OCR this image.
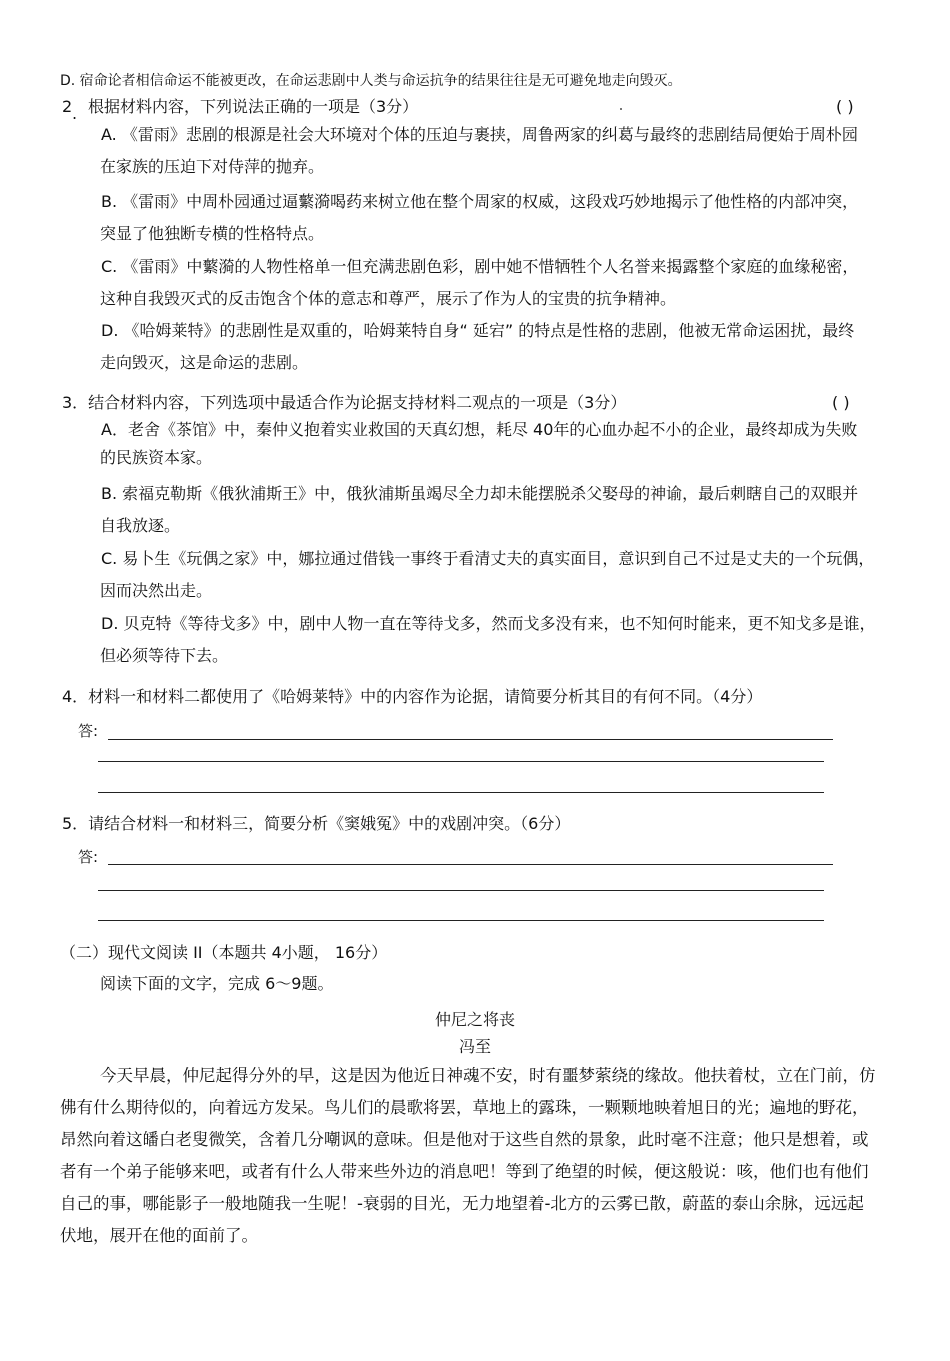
D. 宿命论者相信命运不能被更改，在命运悲剧中人类与命运抗争的结果往往是无可避免地走向毁灭。
2 . 根据材料内容，下列说法正确的一项是（3分）	( )
A. 《雷雨》悲剧的根源是社会大环境对个体的压迫与裹挟，周鲁两家的纠葛与最终的悲剧结局便始于周朴园
在家族的压迫下对侍萍的抛弃。
B. 《雷雨》中周朴园通过逼蘩漪喝药来树立他在整个周家的权威，这段戏巧妙地揭示了他性格的内部冲突，
突显了他独断专横的性格特点。
C. 《雷雨》中蘩漪的人物性格单一但充满悲剧色彩，剧中她不惜牺牲个人名誉来揭露整个家庭的血缘秘密，
这种自我毁灭式的反击饱含个体的意志和尊严，展示了作为人的宝贵的抗争精神。
D. 《哈姆莱特》的悲剧性是双重的，哈姆莱特自身“ 延宕” 的特点是性格的悲剧，他被无常命运困扰，最终
走向毁灭，这是命运的悲剧。
3．结合材料内容，下列选项中最适合作为论据支持材料二观点的一项是（3分）	( )
A．老舍《茶馆》中，秦仲义抱着实业救国的天真幻想，耗尽 40年的心血办起不小的企业，最终却成为失败
的民族资本家。
B. 索福克勒斯《俄狄浦斯王》中，俄狄浦斯虽竭尽全力却未能摆脱杀父娶母的神谕，最后刺瞎自己的双眼并
自我放逐。
C. 易卜生《玩偶之家》中，娜拉通过借钱一事终于看清丈夫的真实面目，意识到自己不过是丈夫的一个玩偶，
因而决然出走。
D. 贝克特《等待戈多》中，剧中人物一直在等待戈多，然而戈多没有来，也不知何时能来，更不知戈多是谁，
但必须等待下去。
4．材料一和材料二都使用了《哈姆莱特》中的内容作为论据，请简要分析其目的有何不同。（4分）
答:
5．请结合材料一和材料三，简要分析《窦娥冤》中的戏剧冲突。（6分）
答:
（二）现代文阅读 II（本题共 4小题， 16分）
阅读下面的文字，完成 6～9题。
仲尼之将丧
冯至
今天早晨，仲尼起得分外的早，这是因为他近日神魂不安，时有噩梦萦绕的缘故。他扶着杖，立在门前，仿
佛有什么期待似的，向着远方发呆。鸟儿们的晨歌将罢，草地上的露珠，一颗颗地映着旭日的光；遍地的野花，
昂然向着这皤白老叟微笑，含着几分嘲讽的意味。但是他对于这些自然的景象，此时毫不注意；他只是想着，或
者有一个弟子能够来吧，或者有什么人带来些外边的消息吧！等到了绝望的时候，便这般说：咳，他们也有他们
自己的事，哪能影子一般地随我一生呢！-衰弱的目光，无力地望着-北方的云雾已散，蔚蓝的泰山余脉，远远起
伏地，展开在他的面前了。
